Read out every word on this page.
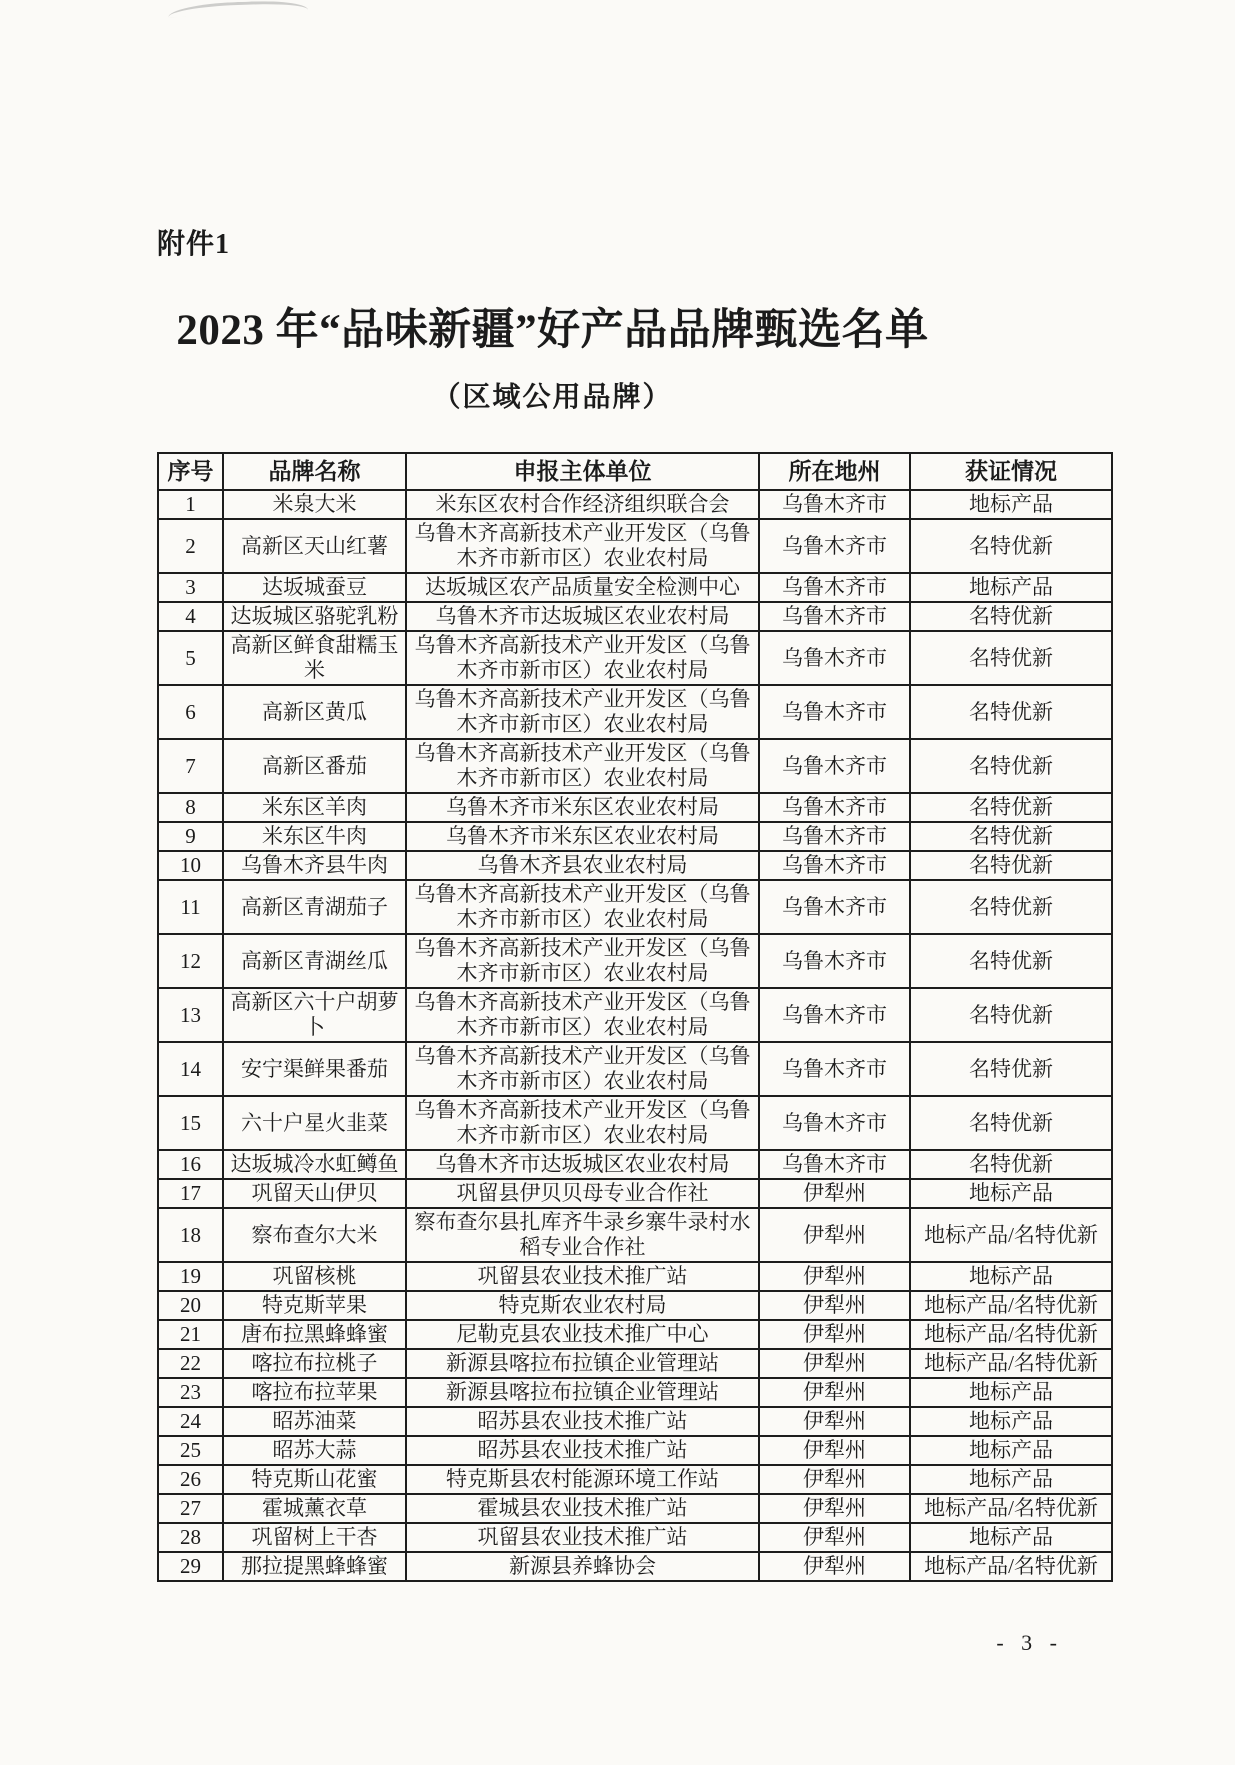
附件1
2023 年“品味新疆”好产品品牌甄选名单
（区域公用品牌）
序号	品牌名称	申报主体单位	所在地州	获证情况
1	米泉大米	米东区农村合作经济组织联合会	乌鲁木齐市	地标产品
2	高新区天山红薯	乌鲁木齐高新技术产业开发区（乌鲁木齐市新市区）农业农村局	乌鲁木齐市	名特优新
3	达坂城蚕豆	达坂城区农产品质量安全检测中心	乌鲁木齐市	地标产品
4	达坂城区骆驼乳粉	乌鲁木齐市达坂城区农业农村局	乌鲁木齐市	名特优新
5	高新区鲜食甜糯玉米	乌鲁木齐高新技术产业开发区（乌鲁木齐市新市区）农业农村局	乌鲁木齐市	名特优新
6	高新区黄瓜	乌鲁木齐高新技术产业开发区（乌鲁木齐市新市区）农业农村局	乌鲁木齐市	名特优新
7	高新区番茄	乌鲁木齐高新技术产业开发区（乌鲁木齐市新市区）农业农村局	乌鲁木齐市	名特优新
8	米东区羊肉	乌鲁木齐市米东区农业农村局	乌鲁木齐市	名特优新
9	米东区牛肉	乌鲁木齐市米东区农业农村局	乌鲁木齐市	名特优新
10	乌鲁木齐县牛肉	乌鲁木齐县农业农村局	乌鲁木齐市	名特优新
11	高新区青湖茄子	乌鲁木齐高新技术产业开发区（乌鲁木齐市新市区）农业农村局	乌鲁木齐市	名特优新
12	高新区青湖丝瓜	乌鲁木齐高新技术产业开发区（乌鲁木齐市新市区）农业农村局	乌鲁木齐市	名特优新
13	高新区六十户胡萝卜	乌鲁木齐高新技术产业开发区（乌鲁木齐市新市区）农业农村局	乌鲁木齐市	名特优新
14	安宁渠鲜果番茄	乌鲁木齐高新技术产业开发区（乌鲁木齐市新市区）农业农村局	乌鲁木齐市	名特优新
15	六十户星火韭菜	乌鲁木齐高新技术产业开发区（乌鲁木齐市新市区）农业农村局	乌鲁木齐市	名特优新
16	达坂城冷水虹鳟鱼	乌鲁木齐市达坂城区农业农村局	乌鲁木齐市	名特优新
17	巩留天山伊贝	巩留县伊贝贝母专业合作社	伊犁州	地标产品
18	察布查尔大米	察布查尔县扎库齐牛录乡寨牛录村水稻专业合作社	伊犁州	地标产品/名特优新
19	巩留核桃	巩留县农业技术推广站	伊犁州	地标产品
20	特克斯苹果	特克斯农业农村局	伊犁州	地标产品/名特优新
21	唐布拉黑蜂蜂蜜	尼勒克县农业技术推广中心	伊犁州	地标产品/名特优新
22	喀拉布拉桃子	新源县喀拉布拉镇企业管理站	伊犁州	地标产品/名特优新
23	喀拉布拉苹果	新源县喀拉布拉镇企业管理站	伊犁州	地标产品
24	昭苏油菜	昭苏县农业技术推广站	伊犁州	地标产品
25	昭苏大蒜	昭苏县农业技术推广站	伊犁州	地标产品
26	特克斯山花蜜	特克斯县农村能源环境工作站	伊犁州	地标产品
27	霍城薰衣草	霍城县农业技术推广站	伊犁州	地标产品/名特优新
28	巩留树上干杏	巩留县农业技术推广站	伊犁州	地标产品
29	那拉提黑蜂蜂蜜	新源县养蜂协会	伊犁州	地标产品/名特优新
- 3 -
